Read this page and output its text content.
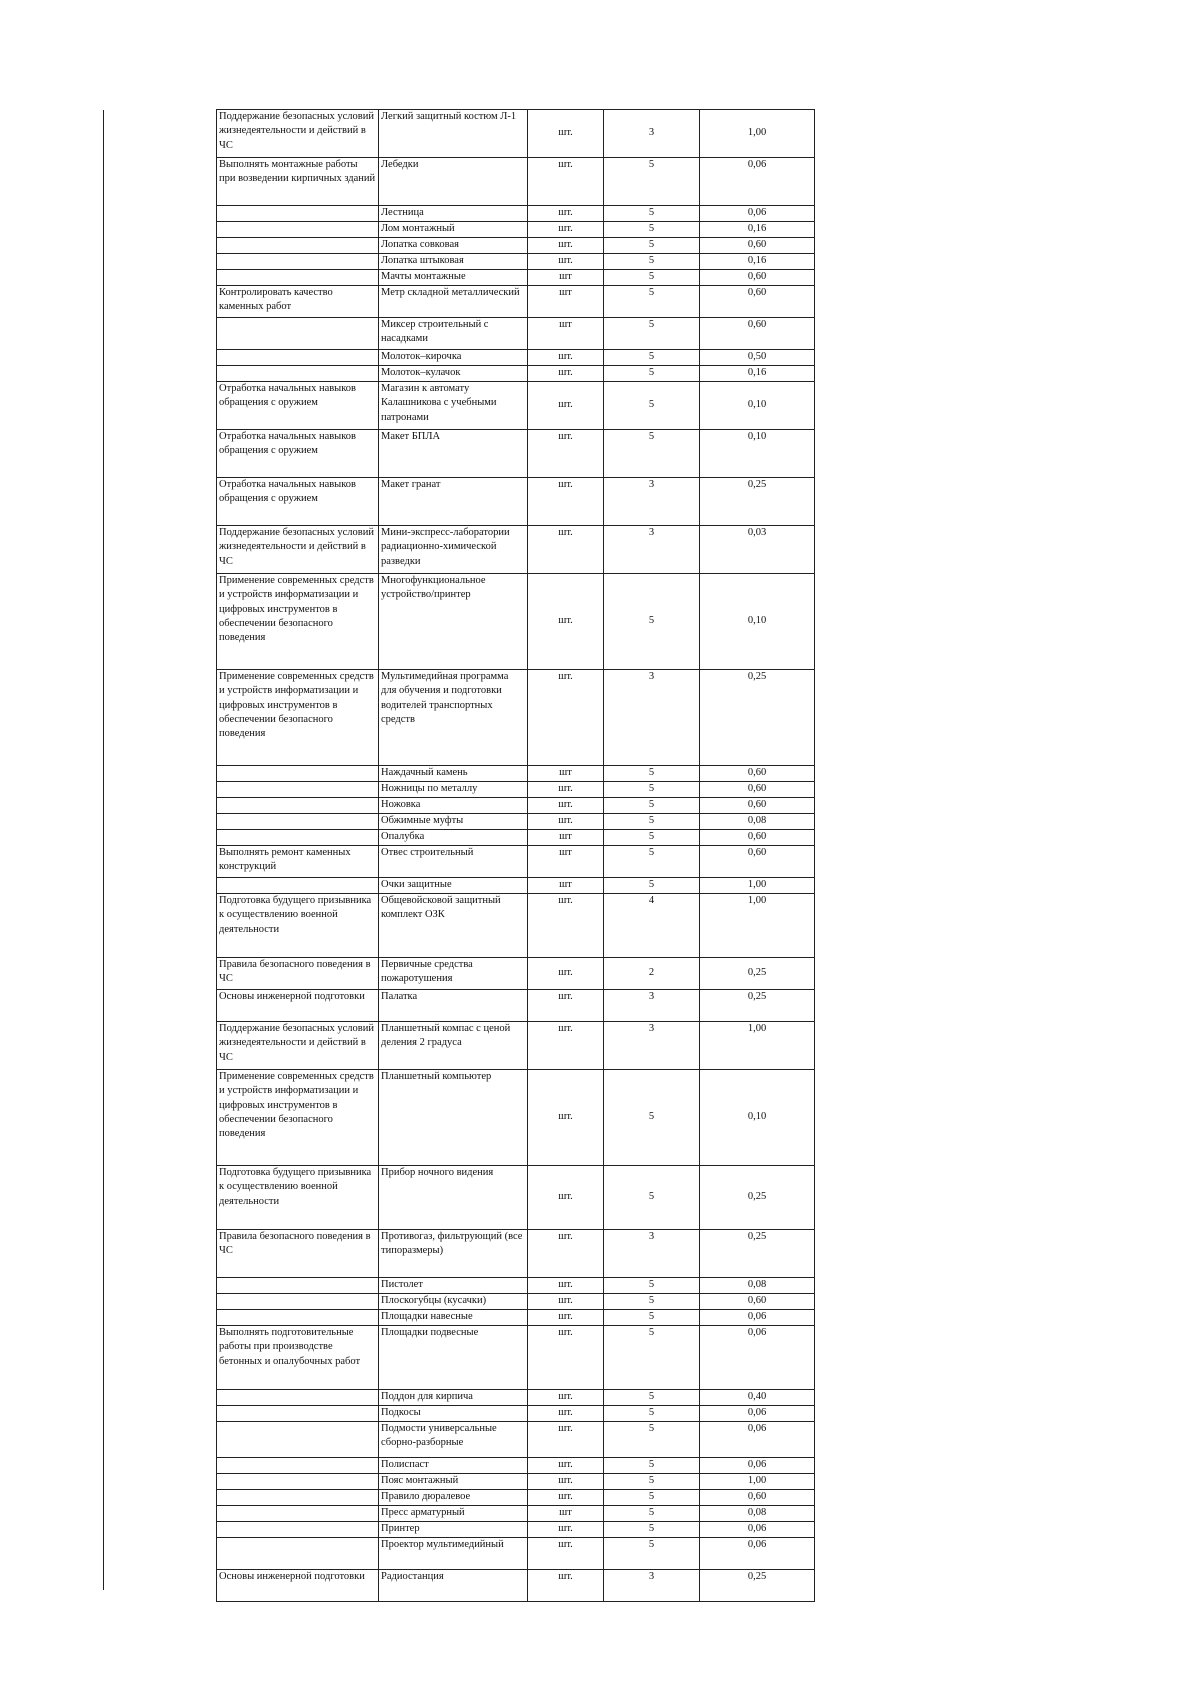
Поддержание безопасных условий жизнедеятельности и действий в ЧС	Легкий защитный костюм Л-1	шт.	3	1,00
Выполнять монтажные работы при возведении кирпичных зданий	Лебедки	шт.	5	0,06
	Лестница	шт.	5	0,06
	Лом монтажный	шт.	5	0,16
	Лопатка совковая	шт.	5	0,60
	Лопатка штыковая	шт.	5	0,16
	Мачты монтажные	шт	5	0,60
Контролировать качество каменных работ	Метр складной металлический	шт	5	0,60
	Миксер строительный с насадками	шт	5	0,60
	Молоток–кирочка	шт.	5	0,50
	Молоток–кулачок	шт.	5	0,16
Отработка начальных навыков обращения с оружием	Магазин к автомату Калашникова с учебными патронами	шт.	5	0,10
Отработка начальных навыков обращения с оружием	Макет БПЛА	шт.	5	0,10
Отработка начальных навыков обращения с оружием	Макет гранат	шт.	3	0,25
Поддержание безопасных условий жизнедеятельности и действий в ЧС	Мини-экспресс-лаборатории радиационно-химической разведки	шт.	3	0,03
Применение современных средств и устройств информатизации и цифровых инструментов в обеспечении безопасного поведения	Многофункциональное устройство/принтер	шт.	5	0,10
Применение современных средств и устройств информатизации и цифровых инструментов в обеспечении безопасного поведения	Мультимедийная программа для обучения и подготовки водителей транспортных средств	шт.	3	0,25
	Наждачный камень	шт	5	0,60
	Ножницы по металлу	шт.	5	0,60
	Ножовка	шт.	5	0,60
	Обжимные муфты	шт.	5	0,08
	Опалубка	шт	5	0,60
Выполнять ремонт каменных конструкций	Отвес строительный	шт	5	0,60
	Очки защитные	шт	5	1,00
Подготовка будущего призывника к осуществлению военной деятельности	Общевойсковой защитный комплект ОЗК	шт.	4	1,00
Правила безопасного поведения в ЧС	Первичные средства пожаротушения	шт.	2	0,25
Основы инженерной подготовки	Палатка	шт.	3	0,25
Поддержание безопасных условий жизнедеятельности и действий в ЧС	Планшетный компас с ценой деления 2 градуса	шт.	3	1,00
Применение современных средств и устройств информатизации и цифровых инструментов в обеспечении безопасного поведения	Планшетный компьютер	шт.	5	0,10
Подготовка будущего призывника к осуществлению военной деятельности	Прибор ночного видения	шт.	5	0,25
Правила безопасного поведения в ЧС	Противогаз, фильтрующий (все типоразмеры)	шт.	3	0,25
	Пистолет	шт.	5	0,08
	Плоскогубцы (кусачки)	шт.	5	0,60
	Площадки навесные	шт.	5	0,06
Выполнять подготовительные работы при производстве бетонных и опалубочных работ	Площадки подвесные	шт.	5	0,06
	Поддон для кирпича	шт.	5	0,40
	Подкосы	шт.	5	0,06
	Подмости универсальные сборно-разборные	шт.	5	0,06
	Полиспаст	шт.	5	0,06
	Пояс монтажный	шт.	5	1,00
	Правило дюралевое	шт.	5	0,60
	Пресс арматурный	шт	5	0,08
	Принтер	шт.	5	0,06
	Проектор мультимедийный	шт.	5	0,06
Основы инженерной подготовки	Радиостанция	шт.	3	0,25
